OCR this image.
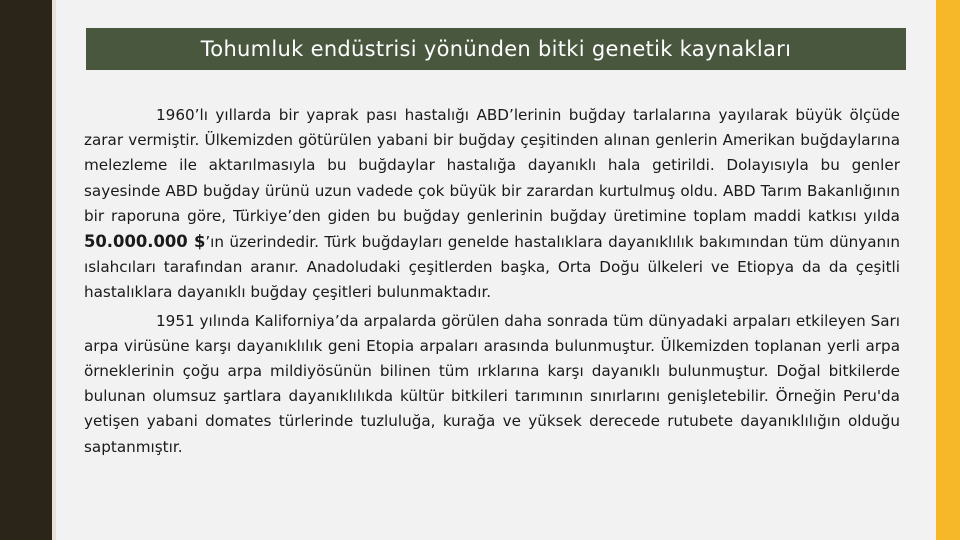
Tohumluk endüstrisi yönünden bitki genetik kaynakları

1960’lı yıllarda bir yaprak pası hastalığı ABD’lerinin buğday tarlalarına yayılarak büyük ölçüde zarar vermiştir. Ülkemizden götürülen yabani bir buğday çeşitinden alınan genlerin Amerikan buğdaylarına melezleme ile aktarılmasıyla bu buğdaylar hastalığa dayanıklı hala getirildi. Dolayısıyla bu genler sayesinde ABD buğday ürünü uzun vadede çok büyük bir zarardan kurtulmuş oldu. ABD Tarım Bakanlığının bir raporuna göre, Türkiye’den giden bu buğday genlerinin buğday üretimine toplam maddi katkısı yılda 50.000.000 $’ın üzerindedir. Türk buğdayları genelde hastalıklara dayanıklılık bakımından tüm dünyanın ıslahcıları tarafından aranır. Anadoludaki çeşitlerden başka, Orta Doğu ülkeleri ve Etiopya da da çeşitli hastalıklara dayanıklı buğday çeşitleri bulunmaktadır.

1951 yılında Kaliforniya’da arpalarda görülen daha sonrada tüm dünyadaki arpaları etkileyen Sarı arpa virüsüne karşı dayanıklılık geni Etopia arpaları arasında bulunmuştur. Ülkemizden toplanan yerli arpa örneklerinin çoğu arpa mildiyösünün bilinen tüm ırklarına karşı dayanıklı bulunmuştur. Doğal bitkilerde bulunan olumsuz şartlara dayanıklılıkda kültür bitkileri tarımının sınırlarını genişletebilir. Örneğin Peru'da yetişen yabani domates türlerinde tuzluluğa, kurağa ve yüksek derecede rutubete dayanıklılığın olduğu saptanmıştır.
